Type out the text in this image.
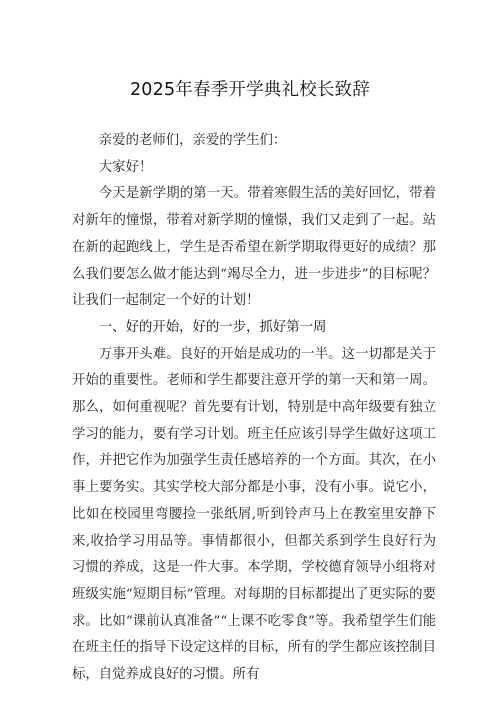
2025年春季开学典礼校长致辞

亲爱的老师们，亲爱的学生们：

大家好！

今天是新学期的第一天。带着寒假生活的美好回忆，带着对新年的憧憬，带着对新学期的憧憬，我们又走到了一起。站在新的起跑线上，学生是否希望在新学期取得更好的成绩？那么我们要怎么做才能达到“竭尽全力，进一步进步”的目标呢？让我们一起制定一个好的计划！

一、好的开始，好的一步，抓好第一周

万事开头难。良好的开始是成功的一半。这一切都是关于开始的重要性。老师和学生都要注意开学的第一天和第一周。那么，如何重视呢？首先要有计划，特别是中高年级要有独立学习的能力，要有学习计划。班主任应该引导学生做好这项工作，并把它作为加强学生责任感培养的一个方面。其次，在小事上要务实。其实学校大部分都是小事，没有小事。说它小，比如在校园里弯腰捡一张纸屑,听到铃声马上在教室里安静下来,收拾学习用品等。事情都很小，但都关系到学生良好行为习惯的养成，这是一件大事。本学期，学校德育领导小组将对班级实施“短期目标”管理。对每期的目标都提出了更实际的要求。比如“课前认真准备”“上课不吃零食”等。我希望学生们能在班主任的指导下设定这样的目标，所有的学生都应该控制目标，自觉养成良好的习惯。所有
